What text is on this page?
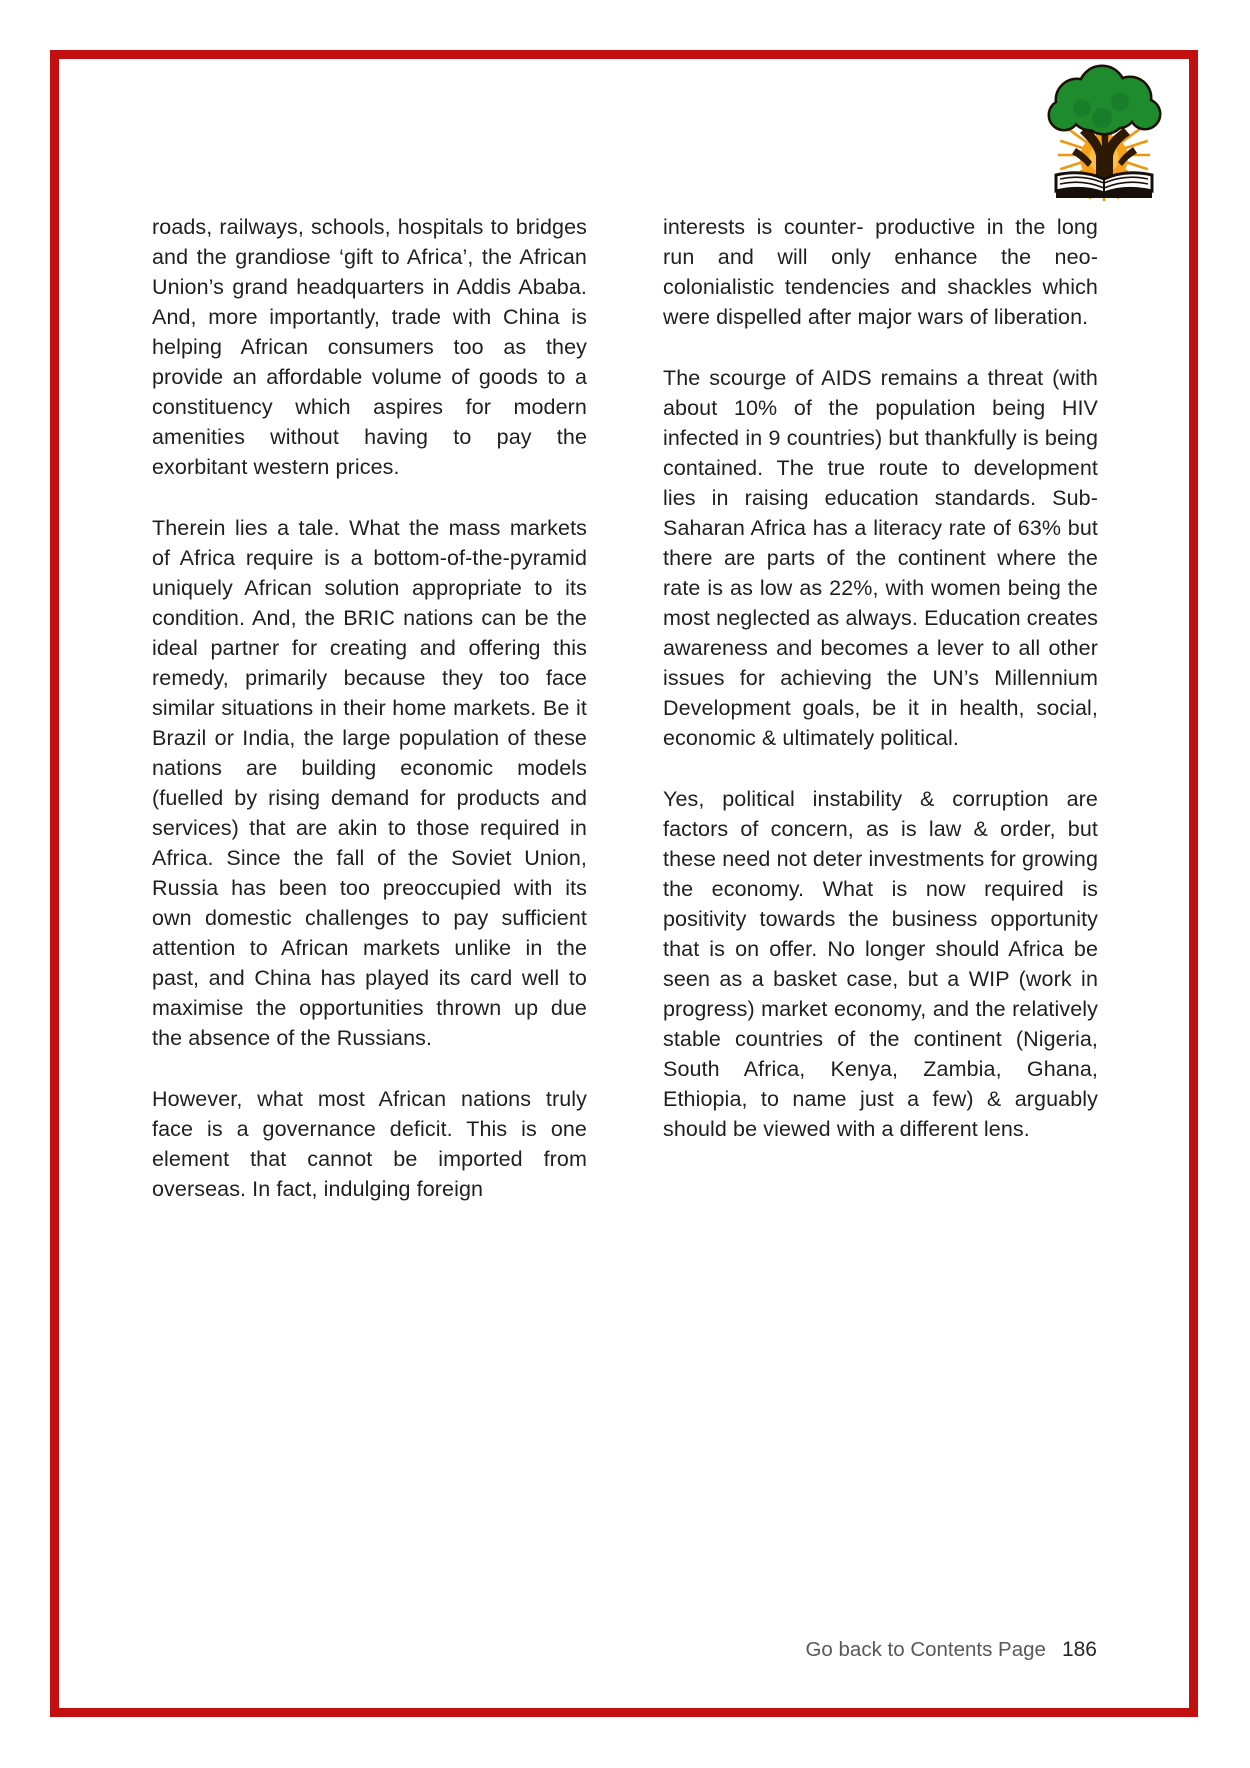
roads, railways, schools, hospitals to bridges and the grandiose ‘gift to Africa’, the African Union’s grand headquarters in Addis Ababa. And, more importantly, trade with China is helping African consumers too as they provide an affordable volume of goods to a constituency which aspires for modern amenities without having to pay the exorbitant western prices.

Therein lies a tale. What the mass markets of Africa require is a bottom-of-the-pyramid uniquely African solution appropriate to its condition. And, the BRIC nations can be the ideal partner for creating and offering this remedy, primarily because they too face similar situations in their home markets. Be it Brazil or India, the large population of these nations are building economic models (fuelled by rising demand for products and services) that are akin to those required in Africa. Since the fall of the Soviet Union, Russia has been too preoccupied with its own domestic challenges to pay sufficient attention to African markets unlike in the past, and China has played its card well to maximise the opportunities thrown up due the absence of the Russians.

However, what most African nations truly face is a governance deficit. This is one element that cannot be imported from overseas. In fact, indulging foreign

interests is counter- productive in the long run and will only enhance the neo-colonialistic tendencies and shackles which were dispelled after major wars of liberation.

The scourge of AIDS remains a threat (with about 10% of the population being HIV infected in 9 countries) but thankfully is being contained. The true route to development lies in raising education standards. Sub-Saharan Africa has a literacy rate of 63% but there are parts of the continent where the rate is as low as 22%, with women being the most neglected as always. Education creates awareness and becomes a lever to all other issues for achieving the UN’s Millennium Development goals, be it in health, social, economic & ultimately political.

Yes, political instability & corruption are factors of concern, as is law & order, but these need not deter investments for growing the economy. What is now required is positivity towards the business opportunity that is on offer. No longer should Africa be seen as a basket case, but a WIP (work in progress) market economy, and the relatively stable countries of the continent (Nigeria, South Africa, Kenya, Zambia, Ghana, Ethiopia, to name just a few) & arguably should be viewed with a different lens.

Go back to Contents Page 186
